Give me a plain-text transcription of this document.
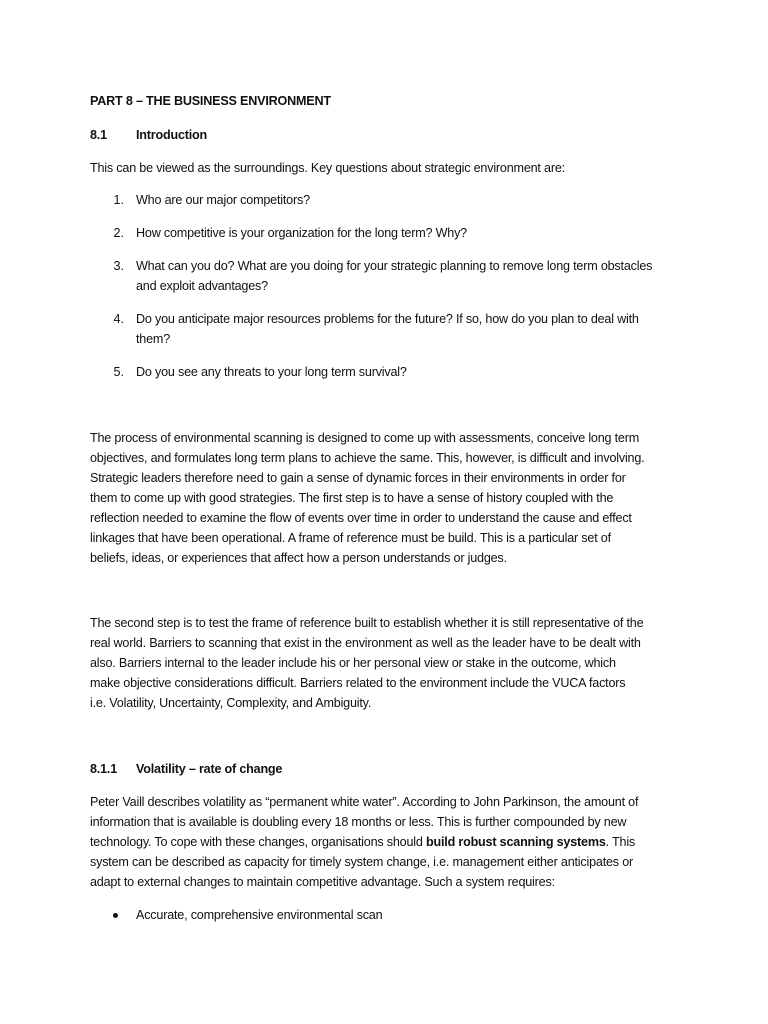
PART 8 – THE BUSINESS ENVIRONMENT
8.1 Introduction
This can be viewed as the surroundings. Key questions about strategic environment are:
1. Who are our major competitors?
2. How competitive is your organization for the long term? Why?
3. What can you do? What are you doing for your strategic planning to remove long term obstacles
and exploit advantages?
4. Do you anticipate major resources problems for the future? If so, how do you plan to deal with
them?
5. Do you see any threats to your long term survival?
The process of environmental scanning is designed to come up with assessments, conceive long term
objectives, and formulates long term plans to achieve the same. This, however, is difficult and involving.
Strategic leaders therefore need to gain a sense of dynamic forces in their environments in order for
them to come up with good strategies. The first step is to have a sense of history coupled with the
reflection needed to examine the flow of events over time in order to understand the cause and effect
linkages that have been operational. A frame of reference must be build. This is a particular set of
beliefs, ideas, or experiences that affect how a person understands or judges.
The second step is to test the frame of reference built to establish whether it is still representative of the
real world. Barriers to scanning that exist in the environment as well as the leader have to be dealt with
also. Barriers internal to the leader include his or her personal view or stake in the outcome, which
make objective considerations difficult. Barriers related to the environment include the VUCA factors
i.e. Volatility, Uncertainty, Complexity, and Ambiguity.
8.1.1 Volatility – rate of change
Peter Vaill describes volatility as “permanent white water”. According to John Parkinson, the amount of
information that is available is doubling every 18 months or less. This is further compounded by new
technology. To cope with these changes, organisations should build robust scanning systems. This
system can be described as capacity for timely system change, i.e. management either anticipates or
adapt to external changes to maintain competitive advantage. Such a system requires:
Accurate, comprehensive environmental scan
